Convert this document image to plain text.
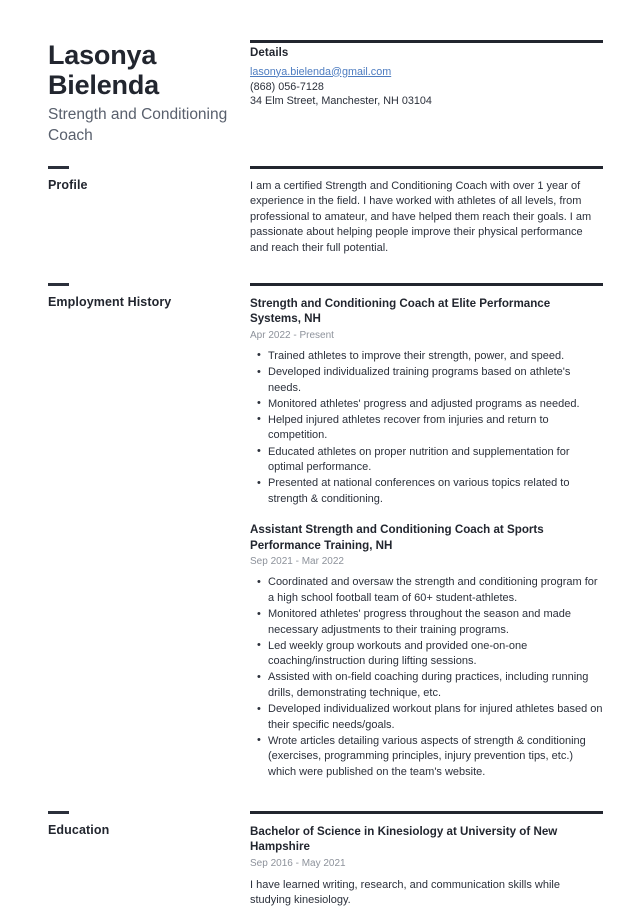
Lasonya Bielenda
Strength and Conditioning Coach
Details
lasonya.bielenda@gmail.com
(868) 056-7128
34 Elm Street, Manchester, NH 03104
Profile	I am a certified Strength and Conditioning Coach with over 1 year of experience in the field. I have worked with athletes of all levels, from professional to amateur, and have helped them reach their goals. I am passionate about helping people improve their physical performance and reach their full potential.
Employment History	Strength and Conditioning Coach at Elite Performance Systems, NH
Apr 2022 - Present
• Trained athletes to improve their strength, power, and speed.
• Developed individualized training programs based on athlete's needs.
• Monitored athletes' progress and adjusted programs as needed.
• Helped injured athletes recover from injuries and return to competition.
• Educated athletes on proper nutrition and supplementation for optimal performance.
• Presented at national conferences on various topics related to strength & conditioning.
Assistant Strength and Conditioning Coach at Sports Performance Training, NH
Sep 2021 - Mar 2022
• Coordinated and oversaw the strength and conditioning program for a high school football team of 60+ student-athletes.
• Monitored athletes' progress throughout the season and made necessary adjustments to their training programs.
• Led weekly group workouts and provided one-on-one coaching/instruction during lifting sessions.
• Assisted with on-field coaching during practices, including running drills, demonstrating technique, etc.
• Developed individualized workout plans for injured athletes based on their specific needs/goals.
• Wrote articles detailing various aspects of strength & conditioning (exercises, programming principles, injury prevention tips, etc.) which were published on the team's website.
Education	Bachelor of Science in Kinesiology at University of New Hampshire
Sep 2016 - May 2021
I have learned writing, research, and communication skills while studying kinesiology.
